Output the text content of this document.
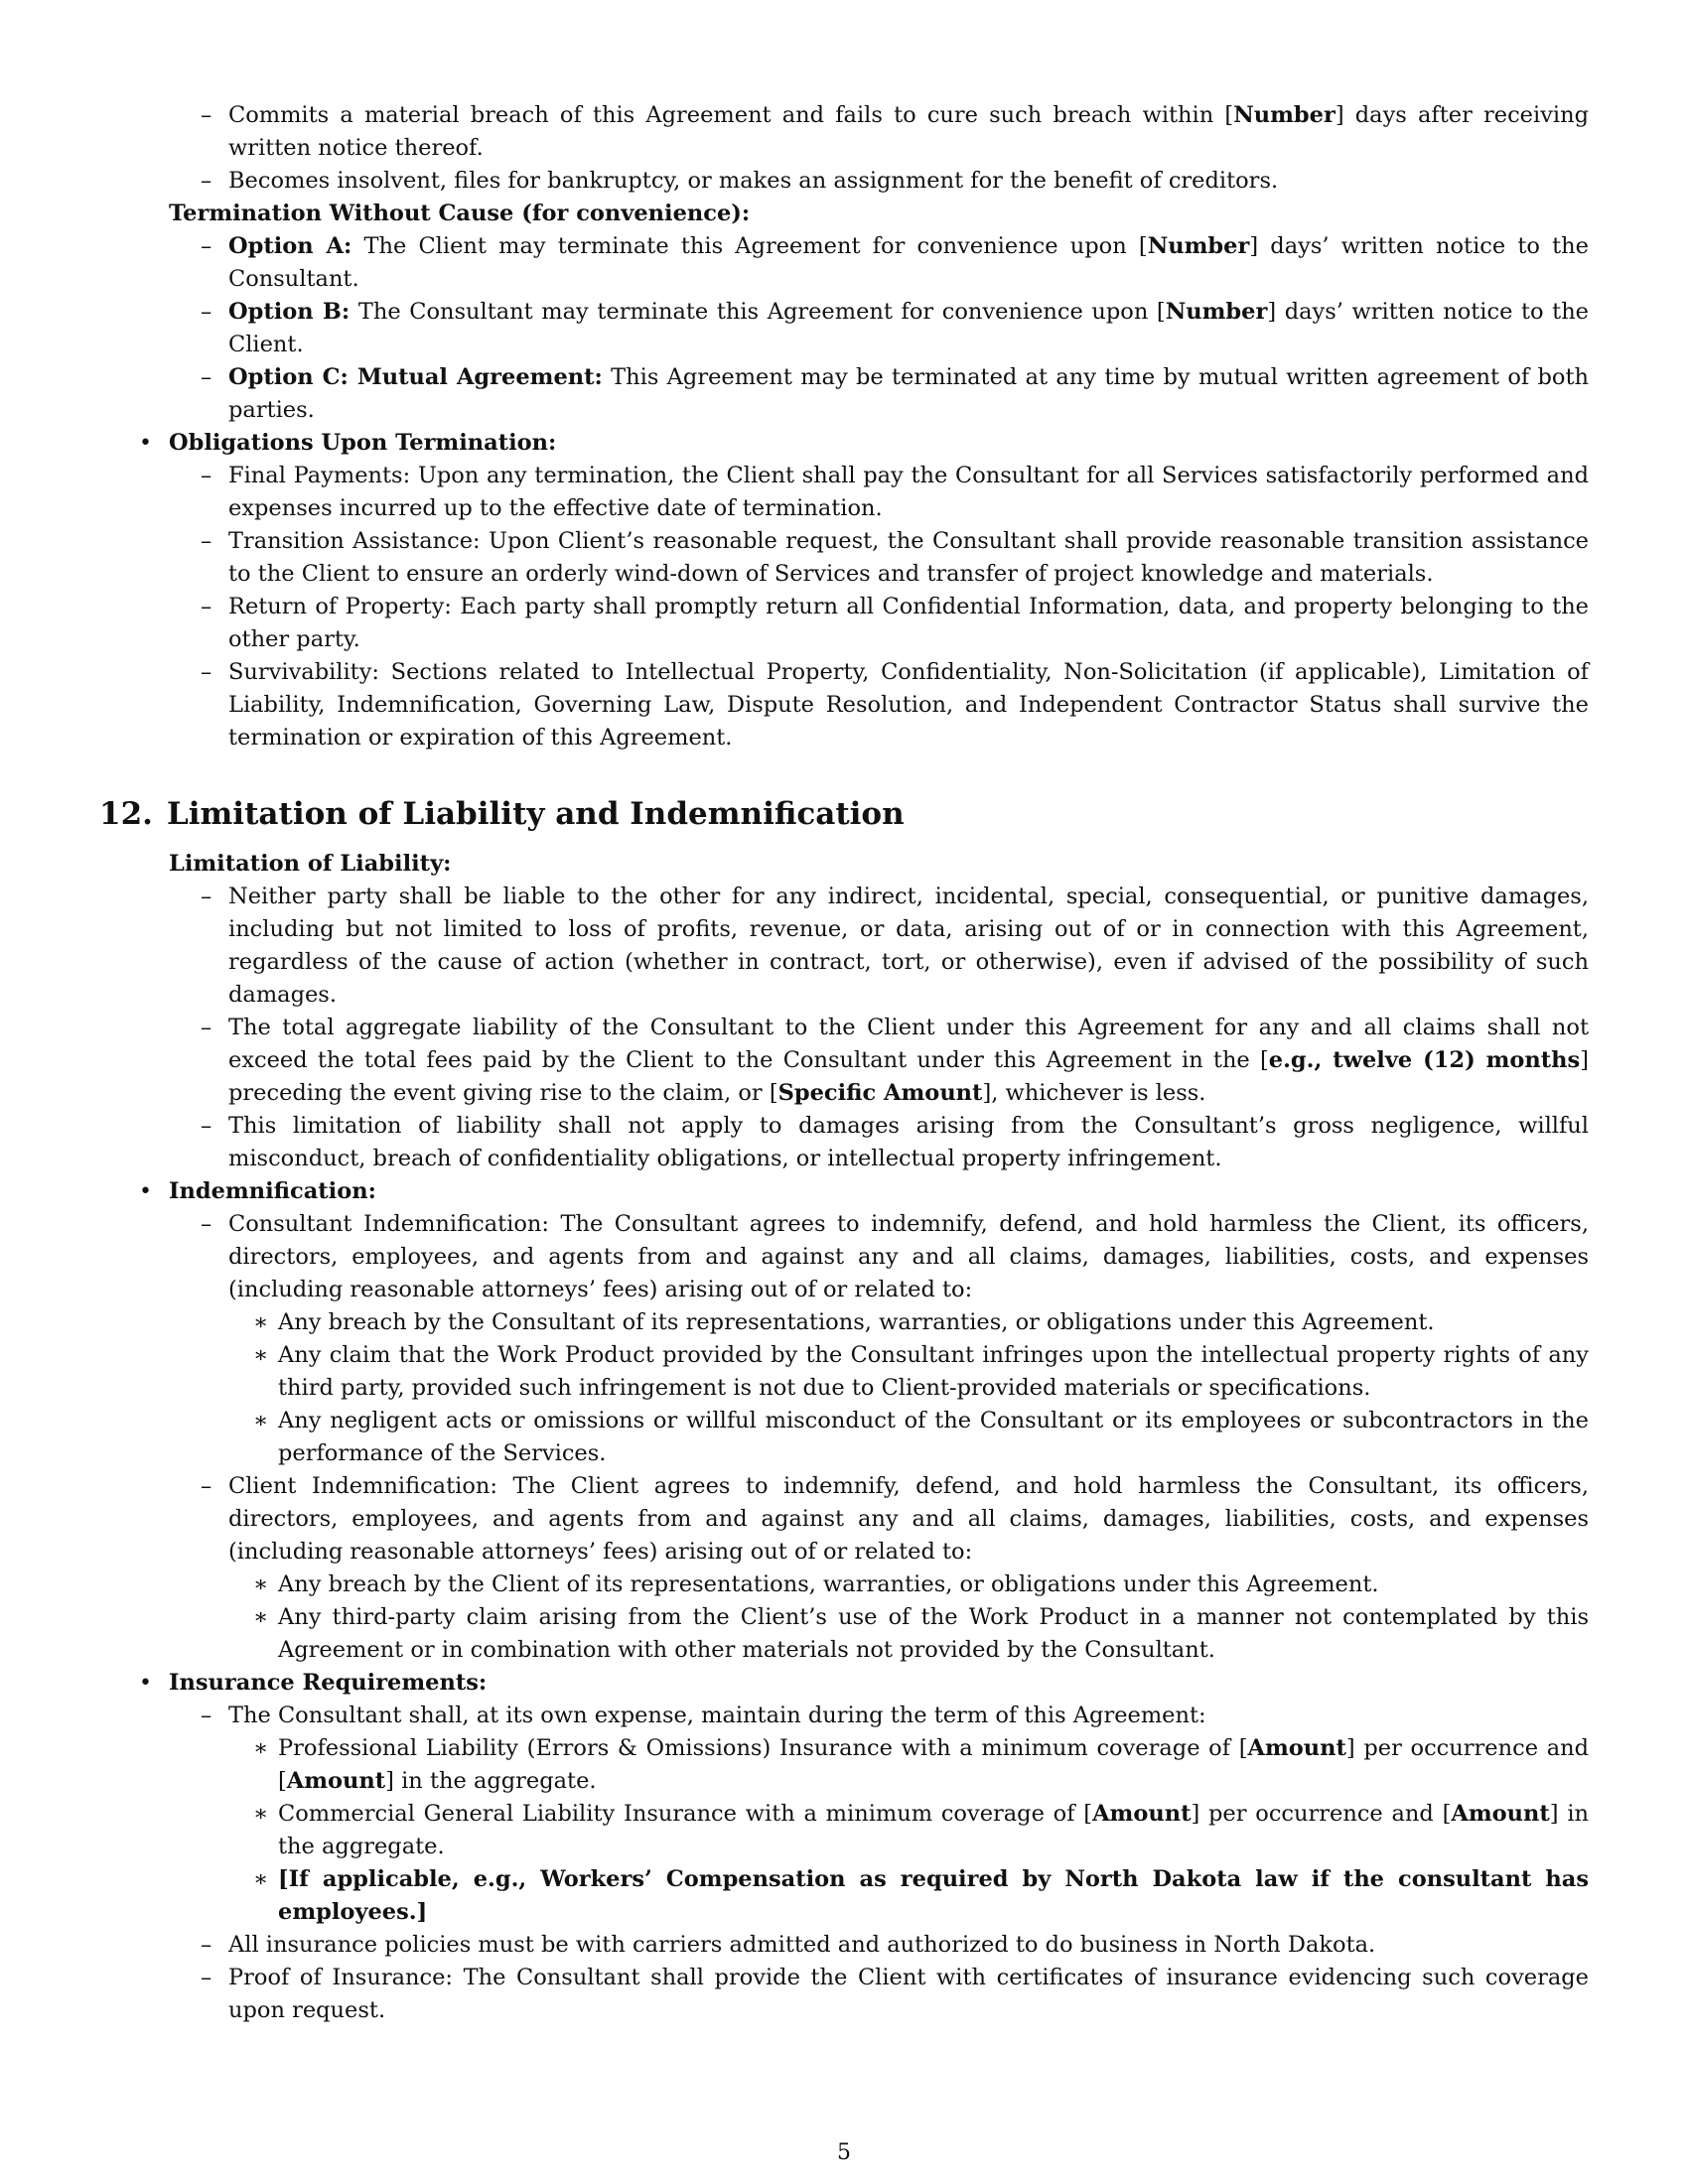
– Commits a material breach of this Agreement and fails to cure such breach within [Number] days after receiving written notice thereof.
– Becomes insolvent, files for bankruptcy, or makes an assignment for the benefit of creditors.
Termination Without Cause (for convenience):
– Option A: The Client may terminate this Agreement for convenience upon [Number] days’ written notice to the Consultant.
– Option B: The Consultant may terminate this Agreement for convenience upon [Number] days’ written notice to the Client.
– Option C: Mutual Agreement: This Agreement may be terminated at any time by mutual written agreement of both parties.
• Obligations Upon Termination:
– Final Payments: Upon any termination, the Client shall pay the Consultant for all Services satisfactorily performed and expenses incurred up to the effective date of termination.
– Transition Assistance: Upon Client’s reasonable request, the Consultant shall provide reasonable transition assistance to the Client to ensure an orderly wind-down of Services and transfer of project knowledge and materials.
– Return of Property: Each party shall promptly return all Confidential Information, data, and property belonging to the other party.
– Survivability: Sections related to Intellectual Property, Confidentiality, Non-Solicitation (if applicable), Limitation of Liability, Indemnification, Governing Law, Dispute Resolution, and Independent Contractor Status shall survive the termination or expiration of this Agreement.
12. Limitation of Liability and Indemnification
Limitation of Liability:
– Neither party shall be liable to the other for any indirect, incidental, special, consequential, or punitive damages, including but not limited to loss of profits, revenue, or data, arising out of or in connection with this Agreement, regardless of the cause of action (whether in contract, tort, or otherwise), even if advised of the possibility of such damages.
– The total aggregate liability of the Consultant to the Client under this Agreement for any and all claims shall not exceed the total fees paid by the Client to the Consultant under this Agreement in the [e.g., twelve (12) months] preceding the event giving rise to the claim, or [Specific Amount], whichever is less.
– This limitation of liability shall not apply to damages arising from the Consultant’s gross negligence, willful misconduct, breach of confidentiality obligations, or intellectual property infringement.
• Indemnification:
– Consultant Indemnification: The Consultant agrees to indemnify, defend, and hold harmless the Client, its officers, directors, employees, and agents from and against any and all claims, damages, liabilities, costs, and expenses (including reasonable attorneys’ fees) arising out of or related to:
∗ Any breach by the Consultant of its representations, warranties, or obligations under this Agreement.
∗ Any claim that the Work Product provided by the Consultant infringes upon the intellectual property rights of any third party, provided such infringement is not due to Client-provided materials or specifications.
∗ Any negligent acts or omissions or willful misconduct of the Consultant or its employees or subcontractors in the performance of the Services.
– Client Indemnification: The Client agrees to indemnify, defend, and hold harmless the Consultant, its officers, directors, employees, and agents from and against any and all claims, damages, liabilities, costs, and expenses (including reasonable attorneys’ fees) arising out of or related to:
∗ Any breach by the Client of its representations, warranties, or obligations under this Agreement.
∗ Any third-party claim arising from the Client’s use of the Work Product in a manner not contemplated by this Agreement or in combination with other materials not provided by the Consultant.
• Insurance Requirements:
– The Consultant shall, at its own expense, maintain during the term of this Agreement:
∗ Professional Liability (Errors & Omissions) Insurance with a minimum coverage of [Amount] per occurrence and [Amount] in the aggregate.
∗ Commercial General Liability Insurance with a minimum coverage of [Amount] per occurrence and [Amount] in the aggregate.
∗ [If applicable, e.g., Workers’ Compensation as required by North Dakota law if the consultant has employees.]
– All insurance policies must be with carriers admitted and authorized to do business in North Dakota.
– Proof of Insurance: The Consultant shall provide the Client with certificates of insurance evidencing such coverage upon request.
5
